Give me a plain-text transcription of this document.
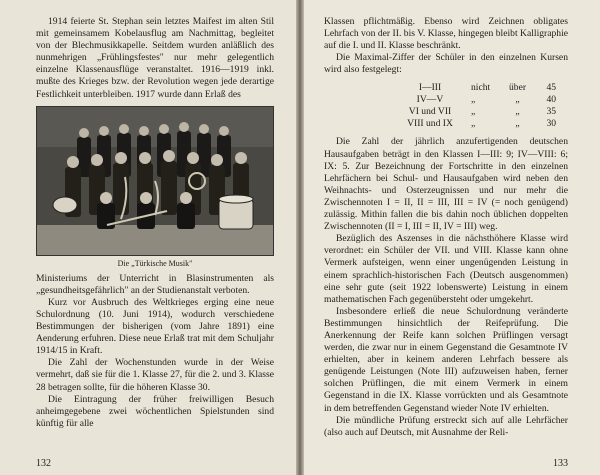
1914 feierte St. Stephan sein letztes Maifest im alten Stil mit gemeinsamem Kobelausflug am Nachmittag, begleitet von der Blechmusikkapelle. Seitdem wurden anläßlich des nunmehrigen „Frühlingsfestes" nur mehr gelegentlich einzelne Klassenausflüge veranstaltet. 1916—1919 inkl. mußte des Krieges bzw. der Revolution wegen jede derartige Festlichkeit unterbleiben. 1917 wurde dann Erlaß des

Die „Türkische Musik"

Ministeriums der Unterricht in Blasinstrumenten als „gesundheitsgefährlich" an der Studienanstalt verboten.

Kurz vor Ausbruch des Weltkrieges erging eine neue Schulordnung (10. Juni 1914), wodurch verschiedene Bestimmungen der bisherigen (vom Jahre 1891) eine Aenderung erfuhren. Diese neue Erlaß trat mit dem Schuljahr 1914/15 in Kraft.

Die Zahl der Wochenstunden wurde in der Weise vermehrt, daß sie für die 1. Klasse 27, für die 2. und 3. Klasse 28 betragen sollte, für die höheren Klasse 30.

Die Eintragung der früher freiwilligen Besuch anheimgegebene zwei wöchentlichen Spielstunden sind künftig für alle

132

Klassen pflichtmäßig. Ebenso wird Zeichnen obligates Lehrfach von der II. bis V. Klasse, hingegen bleibt Kalligraphie auf die I. und II. Klasse beschränkt.

Die Maximal-Ziffer der Schüler in den einzelnen Kursen wird also festgelegt:

I—III	nicht	über	45
IV—V	„	„	40
VI und VII	„	„	35
VIII und IX	„	„	30

Die Zahl der jährlich anzufertigenden deutschen Hausaufgaben beträgt in den Klassen I—III: 9; IV—VIII: 6; IX: 5. Zur Bezeichnung der Fortschritte in den einzelnen Lehrfächern bei Schul- und Hausaufgaben wird neben den Weihnachts- und Osterzeugnissen und nur mehr die Zwischennoten I = II, II = III, III = IV (= noch genügend) zulässig. Mithin fallen die bis dahin noch üblichen doppelten Zwischennoten (II = I, III = II, IV = III) weg.

Bezüglich des Aszenses in die nächsthöhere Klasse wird verordnet: ein Schüler der VII. und VIII. Klasse kann ohne Vermerk aufsteigen, wenn einer ungenügenden Leistung in einem sprachlich-historischen Fach (Deutsch ausgenommen) eine sehr gute (seit 1922 lobenswerte) Leistung in einem mathematischen Fach gegenübersteht oder umgekehrt.

Insbesondere erließ die neue Schulordnung veränderte Bestimmungen hinsichtlich der Reifeprüfung. Die Anerkennung der Reife kann solchen Prüflingen versagt werden, die zwar nur in einem Gegenstand die Gesamtnote IV erhielten, aber in keinem anderen Lehrfach bessere als genügende Leistungen (Note III) aufzuweisen haben, ferner solchen Prüflingen, die mit einem Vermerk in einem Gegenstand in die IX. Klasse vorrückten und als Gesamtnote in dem betreffenden Gegenstand wieder Note IV erhielten.

Die mündliche Prüfung erstreckt sich auf alle Lehrfächer (also auch auf Deutsch, mit Ausnahme der Reli-

133
